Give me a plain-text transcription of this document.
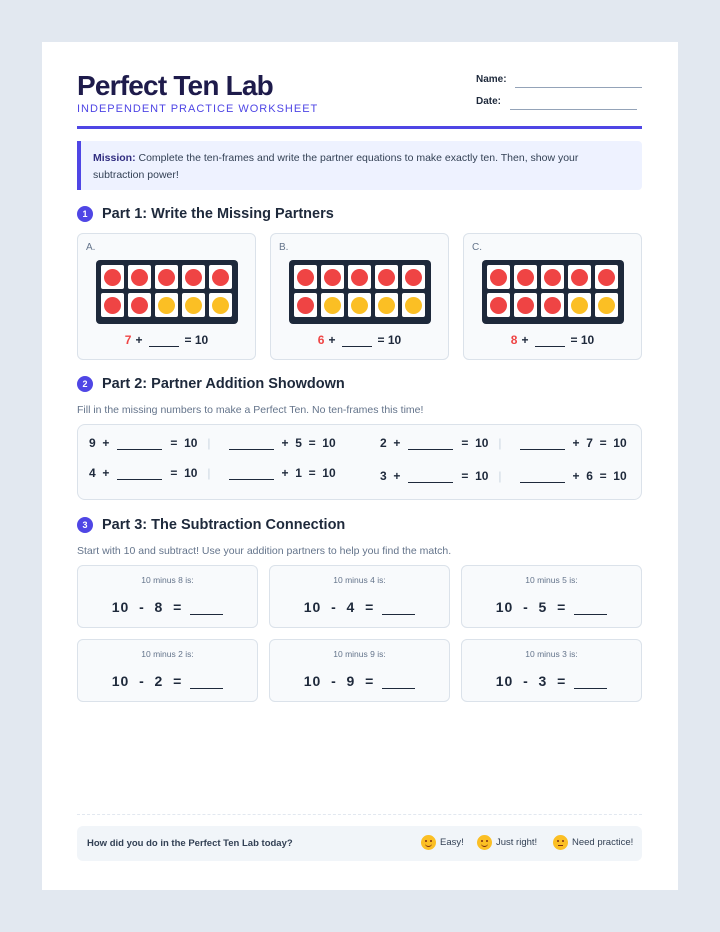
Perfect Ten Lab
INDEPENDENT PRACTICE WORKSHEET
Name:
Date:
Mission: Complete the ten-frames and write the partner equations to make exactly ten. Then, show your subtraction power!
1	Part 1: Write the Missing Partners
A.
7 +	= 10
B.
6 +	= 10
C.
8 +	= 10
2	Part 2: Partner Addition Showdown
Fill in the missing numbers to make a Perfect Ten. No ten-frames this time!
9
+	=
10 |	+
5
=
10
4
+	=
10 |	+
1
=
10
2
+	=
10 |	+
7
=
10
3
+	=
10 |	+
6
=
10
3	Part 3: The Subtraction Connection
Start with 10 and subtract! Use your addition partners to help you find the match.
10 minus 8 is:
10
-
8
=
10 minus 4 is:
10
-
4
=
10 minus 5 is:
10
-
5
=
10 minus 2 is:
10
-
2
=
10 minus 9 is:
10
-
9
=
10 minus 3 is:
10
-
3
=
How did you do in the Perfect Ten Lab today?	Easy!	Just right!	Need practice!
